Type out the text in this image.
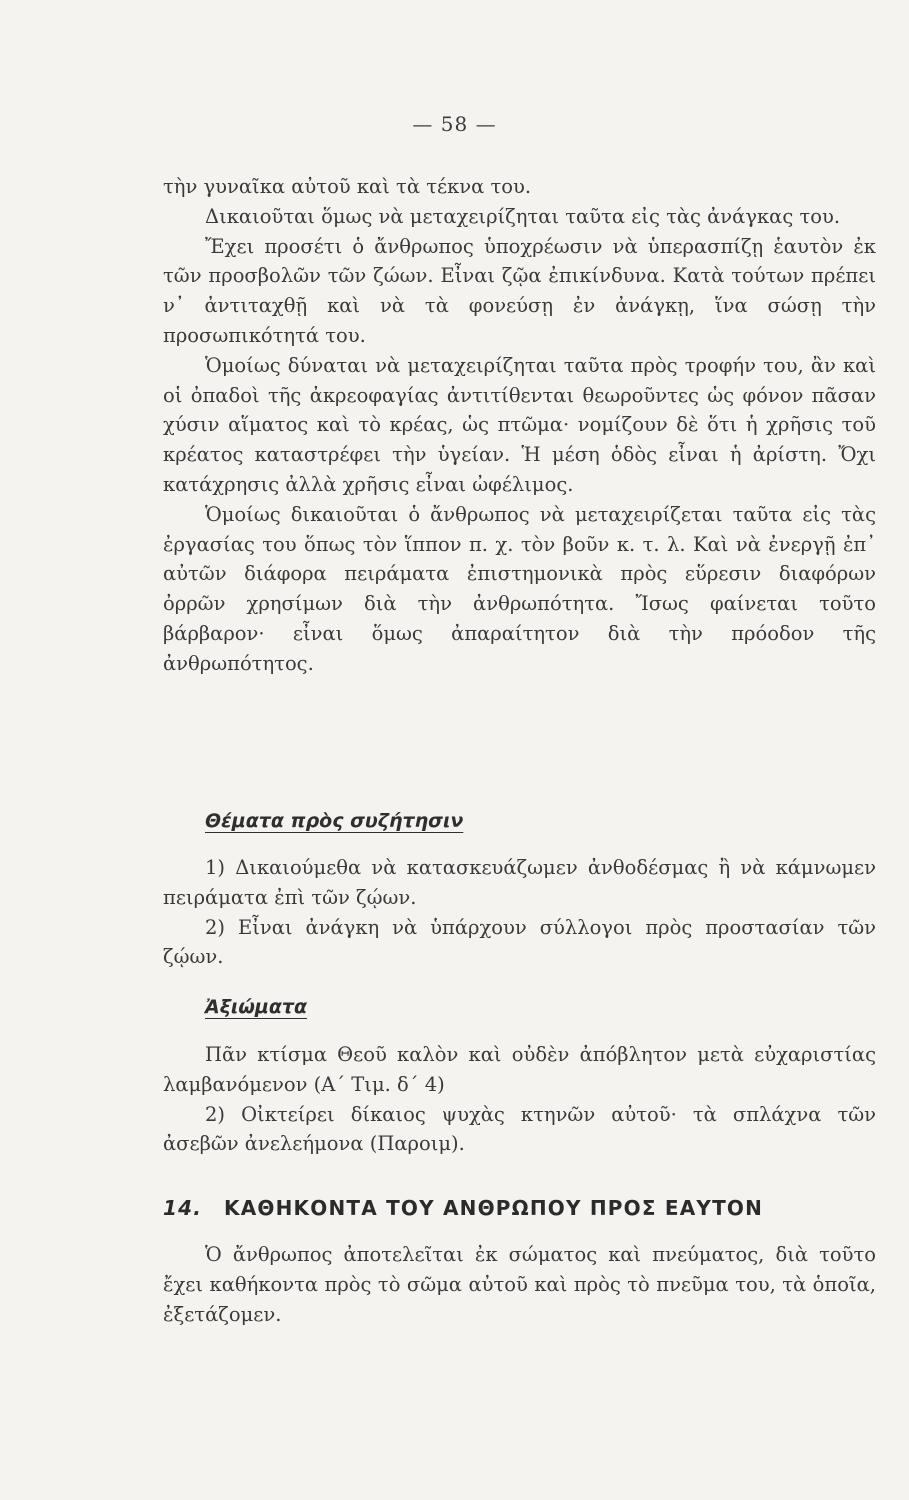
— 58 —

τὴν γυναῖκα αὐτοῦ καὶ τὰ τέκνα του.

Δικαιοῦται ὅμως νὰ μεταχειρίζηται ταῦτα εἰς τὰς ἀνάγκας του.

Ἔχει προσέτι ὁ ἄνθρωπος ὑποχρέωσιν νὰ ὑπερασπίζῃ ἑαυτὸν ἐκ τῶν προσβολῶν τῶν ζώων. Εἶναι ζῷα ἐπικίνδυνα. Κατὰ τούτων πρέπει ν᾿ ἀντιταχθῇ καὶ νὰ τὰ φονεύσῃ ἐν ἀνάγκῃ, ἵνα σώσῃ τὴν προσωπικότητά του.

Ὁμοίως δύναται νὰ μεταχειρίζηται ταῦτα πρὸς τροφήν του, ἂν καὶ οἱ ὀπαδοὶ τῆς ἀκρεοφαγίας ἀντιτίθενται θεωροῦντες ὡς φόνον πᾶσαν χύσιν αἵματος καὶ τὸ κρέας, ὡς πτῶμα· νομίζουν δὲ ὅτι ἡ χρῆσις τοῦ κρέατος καταστρέφει τὴν ὑγείαν. Ἡ μέση ὁδὸς εἶναι ἡ ἀρίστη. Ὄχι κατάχρησις ἀλλὰ χρῆσις εἶναι ὠφέλιμος.

Ὁμοίως δικαιοῦται ὁ ἄνθρωπος νὰ μεταχειρίζεται ταῦτα εἰς τὰς ἐργασίας του ὅπως τὸν ἵππον π. χ. τὸν βοῦν κ. τ. λ. Καὶ νὰ ἐνεργῇ ἐπ᾿ αὐτῶν διάφορα πειράματα ἐπιστημονικὰ πρὸς εὕρεσιν διαφόρων ὀρρῶν χρησίμων διὰ τὴν ἀνθρωπότητα. Ἴσως φαίνεται τοῦτο βάρβαρον· εἶναι ὅμως ἀπαραίτητον διὰ τὴν πρόοδον τῆς ἀνθρωπότητος.

Θέματα πρὸς συζήτησιν

1) Δικαιούμεθα νὰ κατασκευάζωμεν ἀνθοδέσμας ἢ νὰ κάμνωμεν πειράματα ἐπὶ τῶν ζῴων.

2) Εἶναι ἀνάγκη νὰ ὑπάρχουν σύλλογοι πρὸς προστασίαν τῶν ζῴων.

Ἀξιώματα

Πᾶν κτίσμα Θεοῦ καλὸν καὶ οὐδὲν ἀπόβλητον μετὰ εὐχαριστίας λαμβανόμενον (Α΄ Τιμ. δ΄ 4)

2) Οἰκτείρει δίκαιος ψυχὰς κτηνῶν αὐτοῦ· τὰ σπλάχνα τῶν ἀσεβῶν ἀνελεήμονα (Παροιμ).

14. ΚΑΘΗΚΟΝΤΑ ΤΟΥ ΑΝΘΡΩΠΟΥ ΠΡΟΣ ΕΑΥΤΟΝ

Ὁ ἄνθρωπος ἀποτελεῖται ἐκ σώματος καὶ πνεύματος, διὰ τοῦτο ἔχει καθήκοντα πρὸς τὸ σῶμα αὐτοῦ καὶ πρὸς τὸ πνεῦμα του, τὰ ὁποῖα, ἐξετάζομεν.
